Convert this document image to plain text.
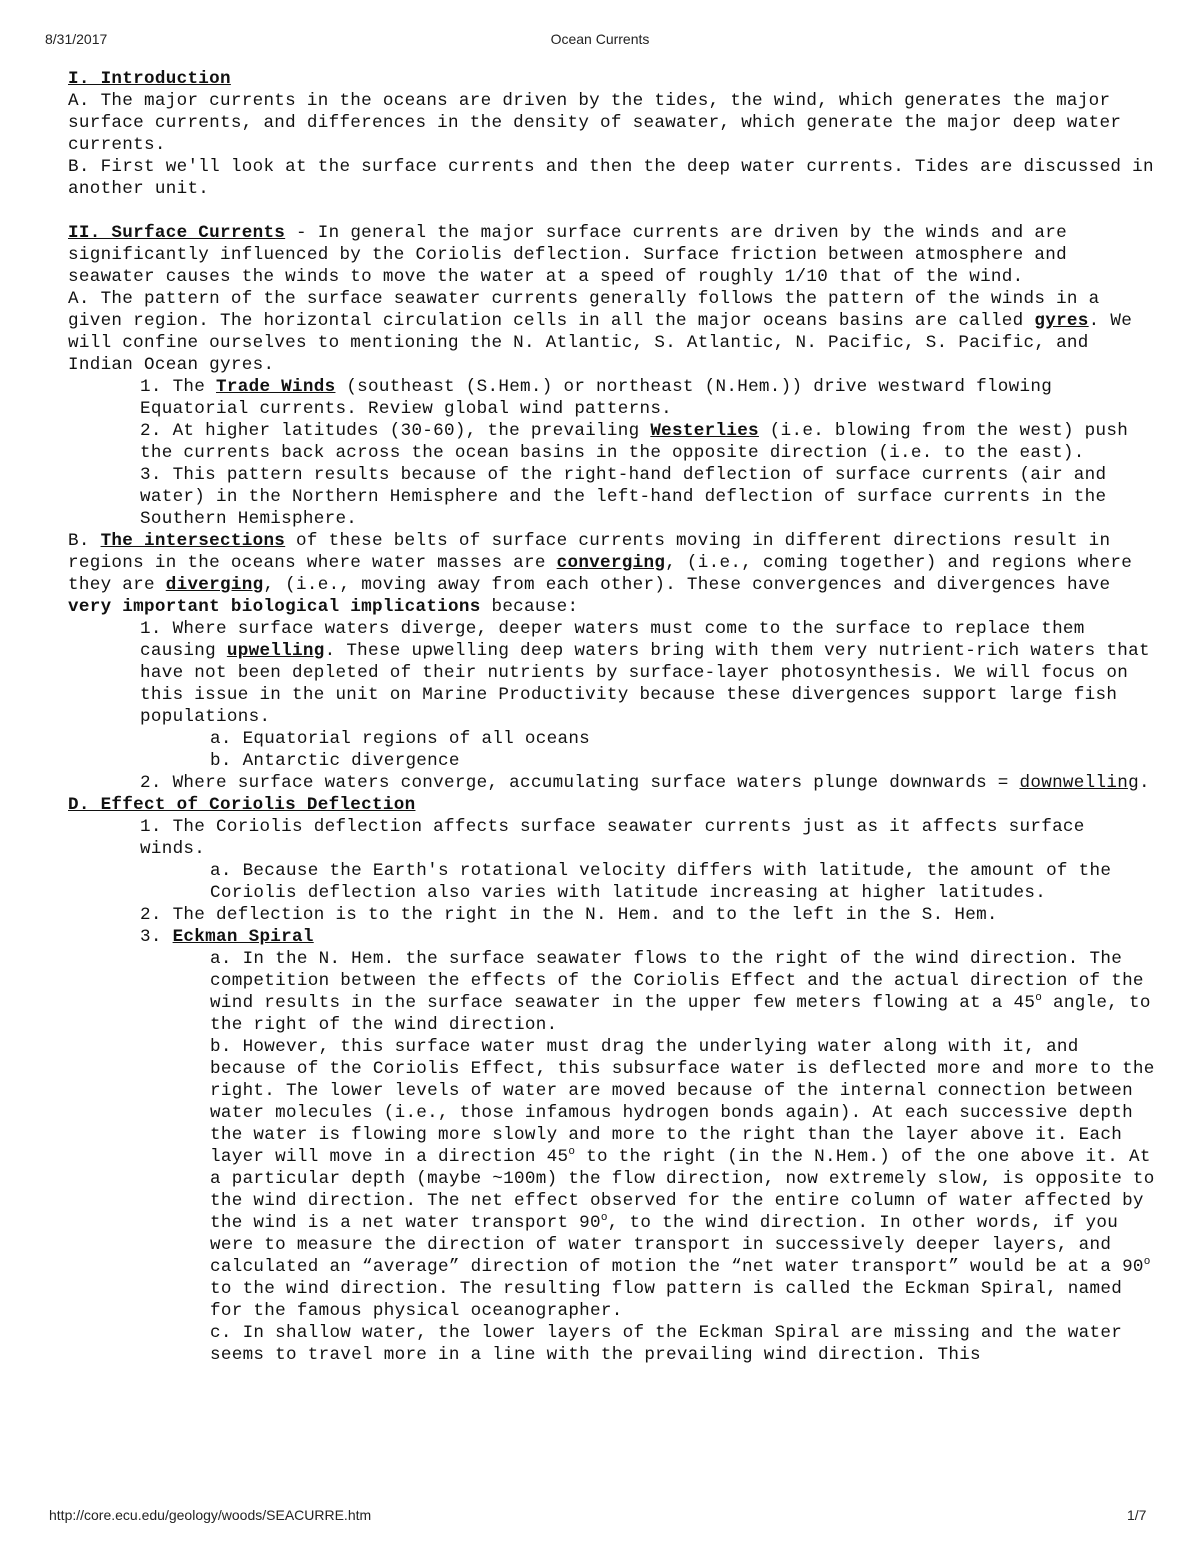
8/31/2017	Ocean Currents

I. Introduction

A. The major currents in the oceans are driven by the tides, the wind, which generates the major surface currents, and differences in the density of seawater, which generate the major deep water currents.

B. First we'll look at the surface currents and then the deep water currents. Tides are discussed in another unit.

II. Surface Currents - In general the major surface currents are driven by the winds and are significantly influenced by the Coriolis deflection. Surface friction between atmosphere and seawater causes the winds to move the water at a speed of roughly 1/10 that of the wind.

A. The pattern of the surface seawater currents generally follows the pattern of the winds in a given region. The horizontal circulation cells in all the major oceans basins are called gyres. We will confine ourselves to mentioning the N. Atlantic, S. Atlantic, N. Pacific, S. Pacific, and Indian Ocean gyres.

1. The Trade Winds (southeast (S.Hem.) or northeast (N.Hem.)) drive westward flowing Equatorial currents. Review global wind patterns.

2. At higher latitudes (30-60), the prevailing Westerlies (i.e. blowing from the west) push the currents back across the ocean basins in the opposite direction (i.e. to the east).

3. This pattern results because of the right-hand deflection of surface currents (air and water) in the Northern Hemisphere and the left-hand deflection of surface currents in the Southern Hemisphere.

B. The intersections of these belts of surface currents moving in different directions result in regions in the oceans where water masses are converging, (i.e., coming together) and regions where they are diverging, (i.e., moving away from each other). These convergences and divergences have very important biological implications because:

1. Where surface waters diverge, deeper waters must come to the surface to replace them causing upwelling. These upwelling deep waters bring with them very nutrient-rich waters that have not been depleted of their nutrients by surface-layer photosynthesis. We will focus on this issue in the unit on Marine Productivity because these divergences support large fish populations.

a. Equatorial regions of all oceans

b. Antarctic divergence

2. Where surface waters converge, accumulating surface waters plunge downwards = downwelling.

D. Effect of Coriolis Deflection

1. The Coriolis deflection affects surface seawater currents just as it affects surface winds.

a. Because the Earth's rotational velocity differs with latitude, the amount of the Coriolis deflection also varies with latitude increasing at higher latitudes.

2. The deflection is to the right in the N. Hem. and to the left in the S. Hem.

3. Eckman Spiral

a. In the N. Hem. the surface seawater flows to the right of the wind direction. The competition between the effects of the Coriolis Effect and the actual direction of the wind results in the surface seawater in the upper few meters flowing at a 45$^o$ angle, to the right of the wind direction.

b. However, this surface water must drag the underlying water along with it, and because of the Coriolis Effect, this subsurface water is deflected more and more to the right. The lower levels of water are moved because of the internal connection between water molecules (i.e., those infamous hydrogen bonds again). At each successive depth the water is flowing more slowly and more to the right than the layer above it. Each layer will move in a direction 45$^o$ to the right (in the N.Hem.) of the one above it. At a particular depth (maybe ~100m) the flow direction, now extremely slow, is opposite to the wind direction. The net effect observed for the entire column of water affected by the wind is a net water transport 90$^o$, to the wind direction. In other words, if you were to measure the direction of water transport in successively deeper layers, and calculated an “average” direction of motion the “net water transport” would be at a 90$^o$ to the wind direction. The resulting flow pattern is called the Eckman Spiral, named for the famous physical oceanographer.

c. In shallow water, the lower layers of the Eckman Spiral are missing and the water seems to travel more in a line with the prevailing wind direction. This

http://core.ecu.edu/geology/woods/SEACURRE.htm	1/7
